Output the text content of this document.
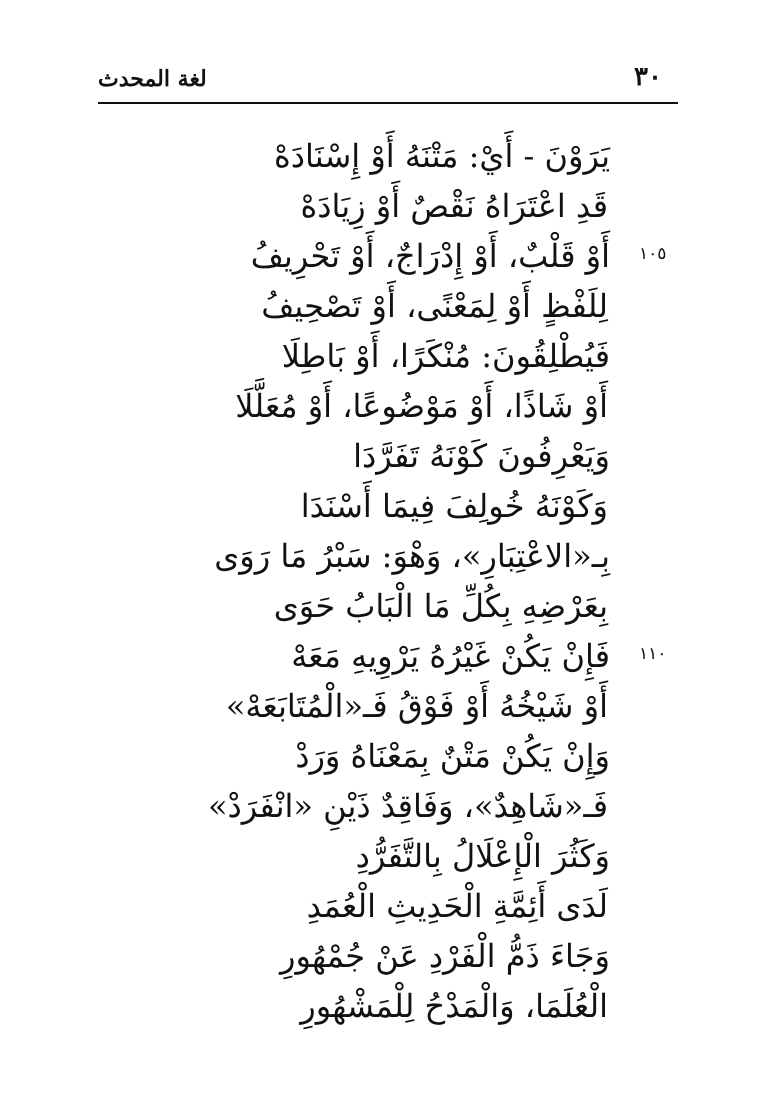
٣٠
لغة المحدث
يَرَوْنَ - أَيْ: مَتْنَهُ أَوْ إِسْنَادَهْ
قَدِ اعْتَرَاهُ نَقْصٌ أَوْ زِيَادَهْ
أَوْ قَلْبٌ، أَوْ إِدْرَاجٌ، أَوْ تَحْرِيفُ
لِلَفْظٍ أَوْ لِمَعْنًى، أَوْ تَصْحِيفُ
فَيُطْلِقُونَ: مُنْكَرًا، أَوْ بَاطِلَا
أَوْ شَاذًا، أَوْ مَوْضُوعًا، أَوْ مُعَلَّلَا
وَيَعْرِفُونَ كَوْنَهُ تَفَرَّدَا
وَكَوْنَهُ خُولِفَ فِيمَا أَسْنَدَا
بِـ«الاعْتِبَارِ»، وَهْوَ: سَبْرُ مَا رَوَى
بِعَرْضِهِ بِكُلِّ مَا الْبَابُ حَوَى
فَإِنْ يَكُنْ غَيْرُهُ يَرْوِيهِ مَعَهْ
أَوْ شَيْخُهُ أَوْ فَوْقُ فَـ«الْمُتَابَعَهْ»
وَإِنْ يَكُنْ مَتْنٌ بِمَعْنَاهُ وَرَدْ
فَـ«شَاهِدٌ»، وَفَاقِدٌ ذَيْنِ «انْفَرَدْ»
وَكَثُرَ الْإِعْلَالُ بِالتَّفَرُّدِ
لَدَى أَئِمَّةِ الْحَدِيثِ الْعُمَدِ
وَجَاءَ ذَمُّ الْفَرْدِ عَنْ جُمْهُورِ
الْعُلَمَا، وَالْمَدْحُ لِلْمَشْهُورِ
١٠٥
١١٠
